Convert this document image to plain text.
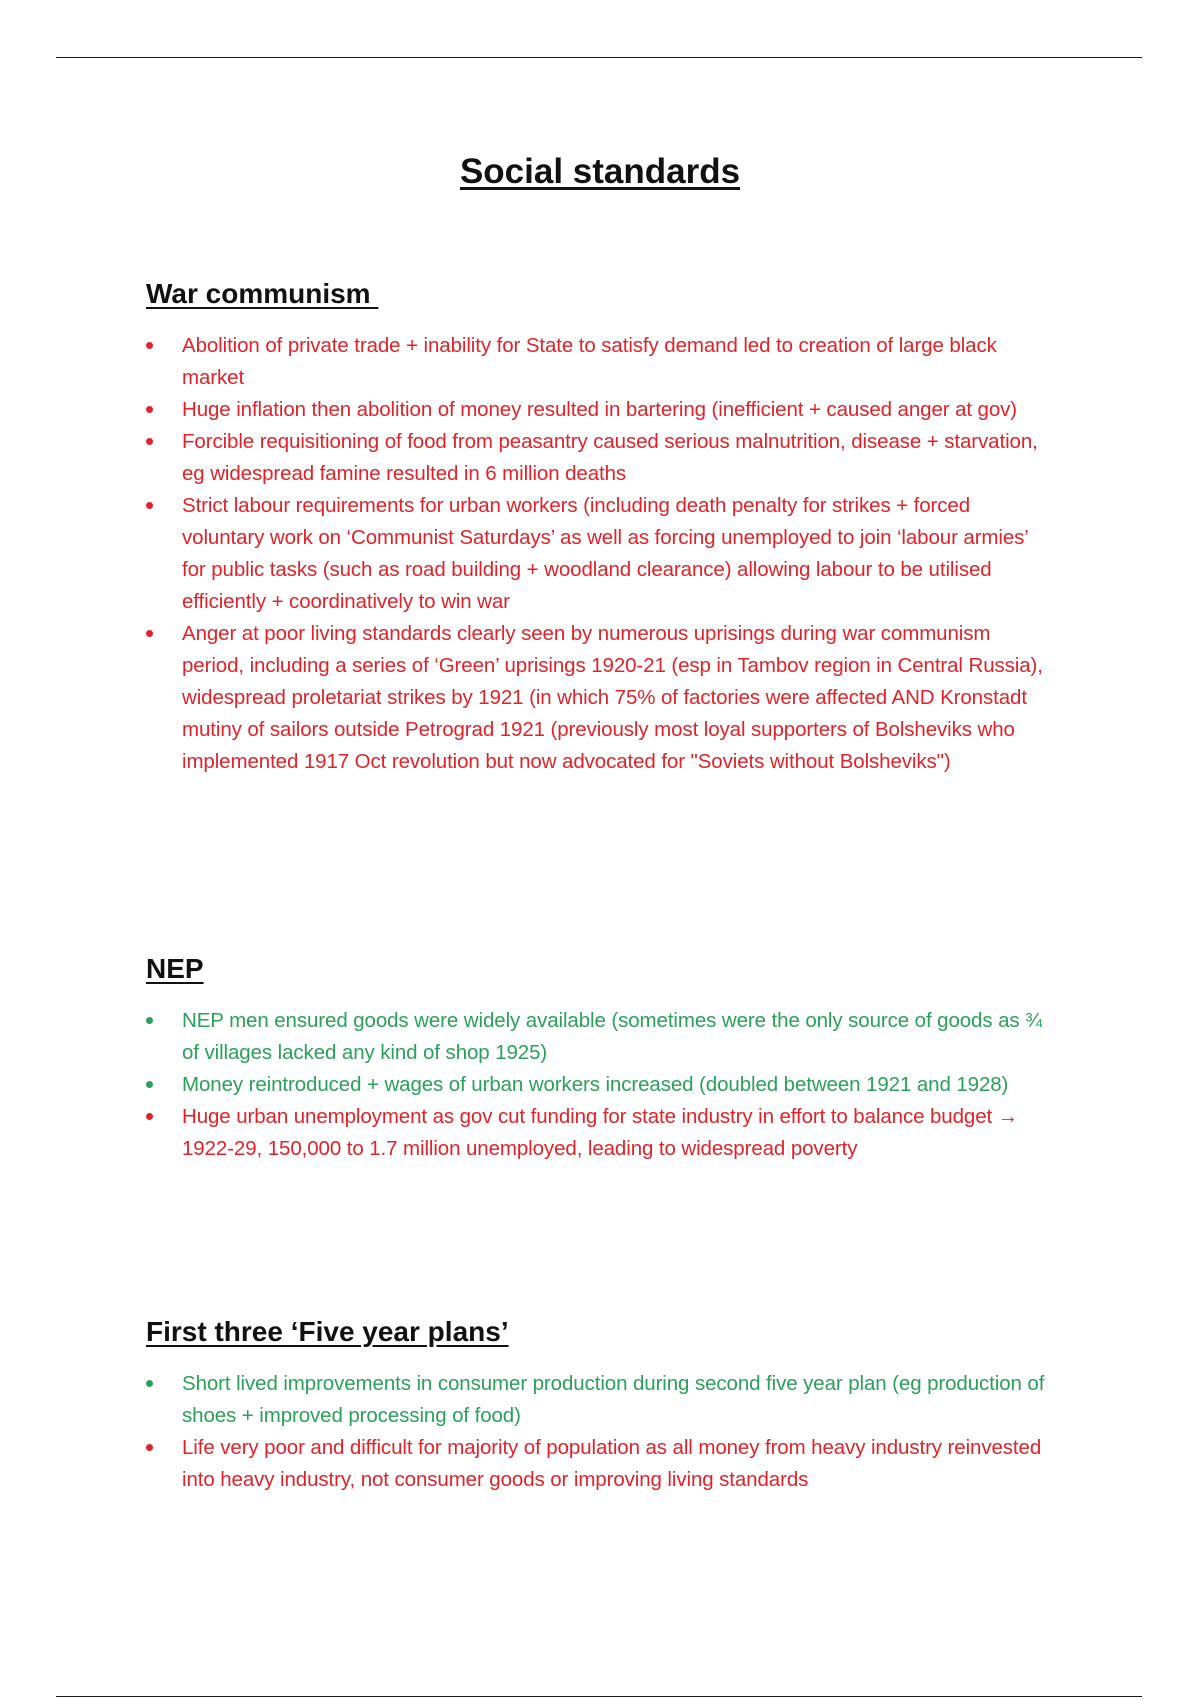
Social standards
War communism
Abolition of private trade + inability for State to satisfy demand led to creation of large black market
Huge inflation then abolition of money resulted in bartering (inefficient + caused anger at gov)
Forcible requisitioning of food from peasantry caused serious malnutrition, disease + starvation, eg widespread famine resulted in 6 million deaths
Strict labour requirements for urban workers (including death penalty for strikes + forced voluntary work on ‘Communist Saturdays’ as well as forcing unemployed to join ‘labour armies’ for public tasks (such as road building + woodland clearance) allowing labour to be utilised efficiently + coordinatively to win war
Anger at poor living standards clearly seen by numerous uprisings during war communism period, including a series of ‘Green’ uprisings 1920-21 (esp in Tambov region in Central Russia), widespread proletariat strikes by 1921 (in which 75% of factories were affected AND Kronstadt mutiny of sailors outside Petrograd 1921 (previously most loyal supporters of Bolsheviks who implemented 1917 Oct revolution but now advocated for "Soviets without Bolsheviks")
NEP
NEP men ensured goods were widely available (sometimes were the only source of goods as ¾ of villages lacked any kind of shop 1925)
Money reintroduced + wages of urban workers increased (doubled between 1921 and 1928)
Huge urban unemployment as gov cut funding for state industry in effort to balance budget → 1922-29, 150,000 to 1.7 million unemployed, leading to widespread poverty
First three ‘Five year plans’
Short lived improvements in consumer production during second five year plan (eg production of shoes + improved processing of food)
Life very poor and difficult for majority of population as all money from heavy industry reinvested into heavy industry, not consumer goods or improving living standards
